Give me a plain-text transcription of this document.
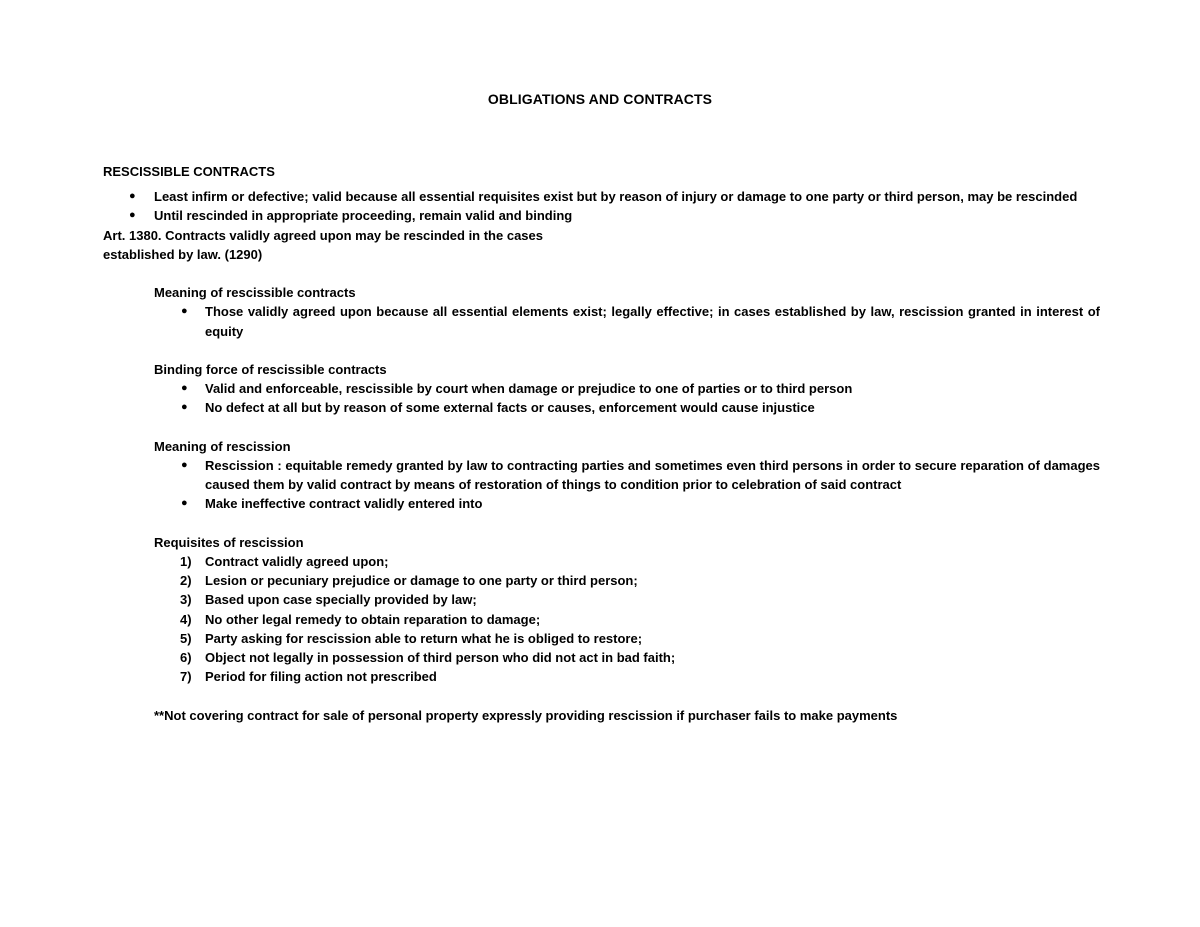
OBLIGATIONS AND CONTRACTS
RESCISSIBLE CONTRACTS
● Least infirm or defective; valid because all essential requisites exist but by reason of injury or damage to one party or third person, may be rescinded
● Until rescinded in appropriate proceeding, remain valid and binding
Art. 1380. Contracts validly agreed upon may be rescinded in the cases
established by law. (1290)
Meaning of rescissible contracts
● Those validly agreed upon because all essential elements exist; legally effective; in cases established by law, rescission granted in interest of equity
Binding force of rescissible contracts
● Valid and enforceable, rescissible by court when damage or prejudice to one of parties or to third person
● No defect at all but by reason of some external facts or causes, enforcement would cause injustice
Meaning of rescission
● Rescission : equitable remedy granted by law to contracting parties and sometimes even third persons in order to secure reparation of damages caused them by valid contract by means of restoration of things to condition prior to celebration of said contract
● Make ineffective contract validly entered into
Requisites of rescission
1) Contract validly agreed upon;
2) Lesion or pecuniary prejudice or damage to one party or third person;
3) Based upon case specially provided by law;
4) No other legal remedy to obtain reparation to damage;
5) Party asking for rescission able to return what he is obliged to restore;
6) Object not legally in possession of third person who did not act in bad faith;
7) Period for filing action not prescribed
**Not covering contract for sale of personal property expressly providing rescission if purchaser fails to make payments
